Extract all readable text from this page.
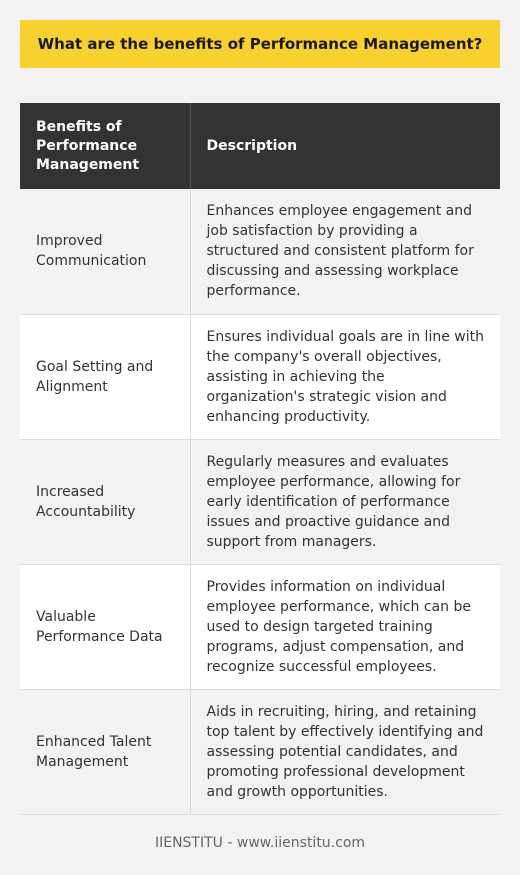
What are the benefits of Performance Management?
Benefits of Performance Management	Description
Improved Communication	Enhances employee engagement and job satisfaction by providing a structured and consistent platform for discussing and assessing workplace performance.
Goal Setting and Alignment	Ensures individual goals are in line with the company's overall objectives, assisting in achieving the organization's strategic vision and enhancing productivity.
Increased Accountability	Regularly measures and evaluates employee performance, allowing for early identification of performance issues and proactive guidance and support from managers.
Valuable Performance Data	Provides information on individual employee performance, which can be used to design targeted training programs, adjust compensation, and recognize successful employees.
Enhanced Talent Management	Aids in recruiting, hiring, and retaining top talent by effectively identifying and assessing potential candidates, and promoting professional development and growth opportunities.
IIENSTITU - www.iienstitu.com
